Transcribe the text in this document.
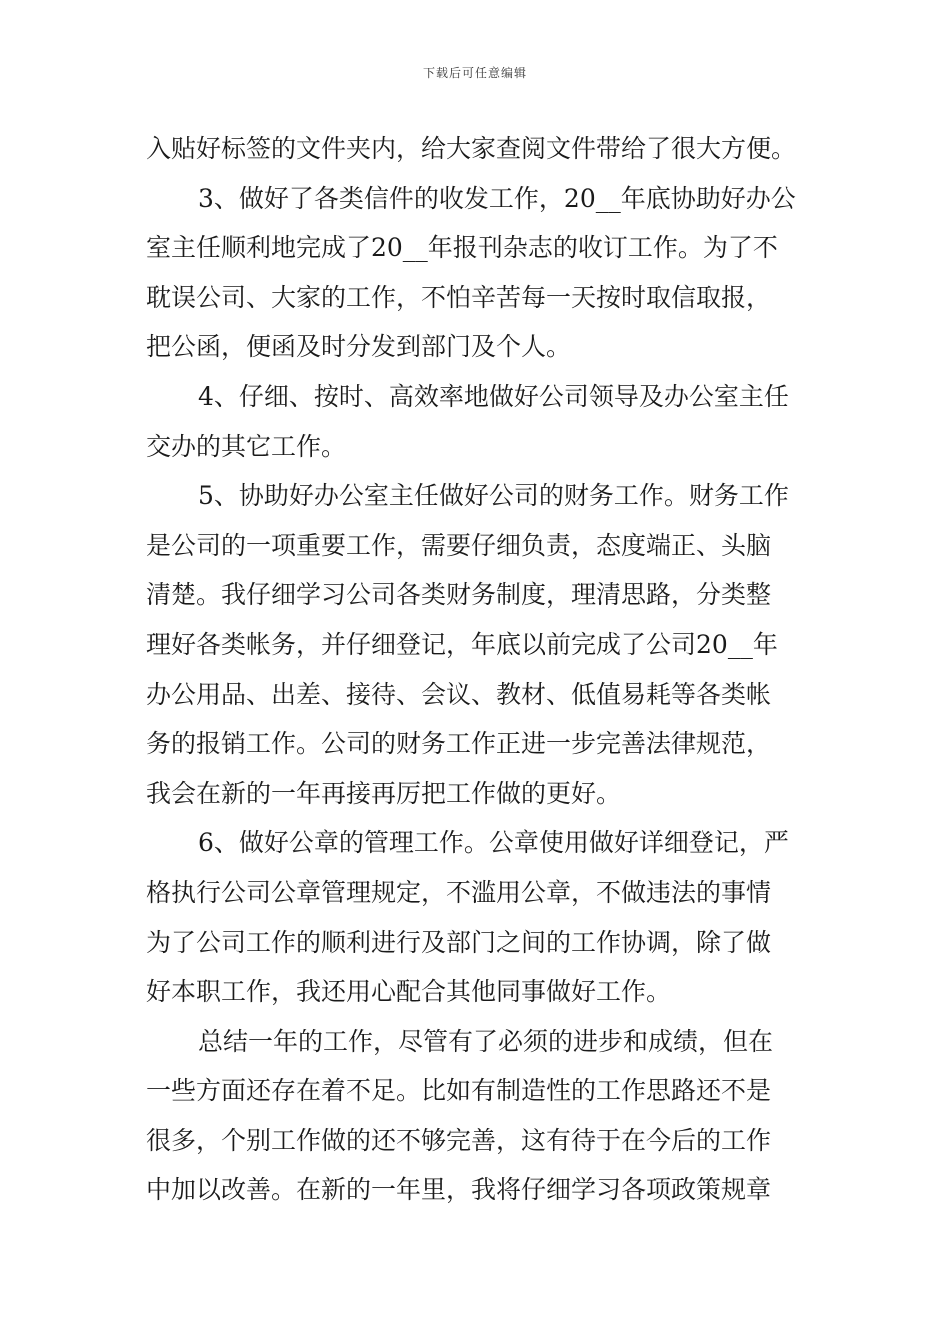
下载后可任意编辑
入贴好标签的文件夹内，给大家查阅文件带给了很大方便。
3、做好了各类信件的收发工作，20__年底协助好办公
室主任顺利地完成了20__年报刊杂志的收订工作。为了不
耽误公司、大家的工作，不怕辛苦每一天按时取信取报，
把公函，便函及时分发到部门及个人。
4、仔细、按时、高效率地做好公司领导及办公室主任
交办的其它工作。
5、协助好办公室主任做好公司的财务工作。财务工作
是公司的一项重要工作，需要仔细负责，态度端正、头脑
清楚。我仔细学习公司各类财务制度，理清思路，分类整
理好各类帐务，并仔细登记，年底以前完成了公司20__年
办公用品、出差、接待、会议、教材、低值易耗等各类帐
务的报销工作。公司的财务工作正进一步完善法律规范，
我会在新的一年再接再厉把工作做的更好。
6、做好公章的管理工作。公章使用做好详细登记，严
格执行公司公章管理规定，不滥用公章，不做违法的事情
为了公司工作的顺利进行及部门之间的工作协调，除了做
好本职工作，我还用心配合其他同事做好工作。
总结一年的工作，尽管有了必须的进步和成绩，但在
一些方面还存在着不足。比如有制造性的工作思路还不是
很多，个别工作做的还不够完善，这有待于在今后的工作
中加以改善。在新的一年里，我将仔细学习各项政策规章
